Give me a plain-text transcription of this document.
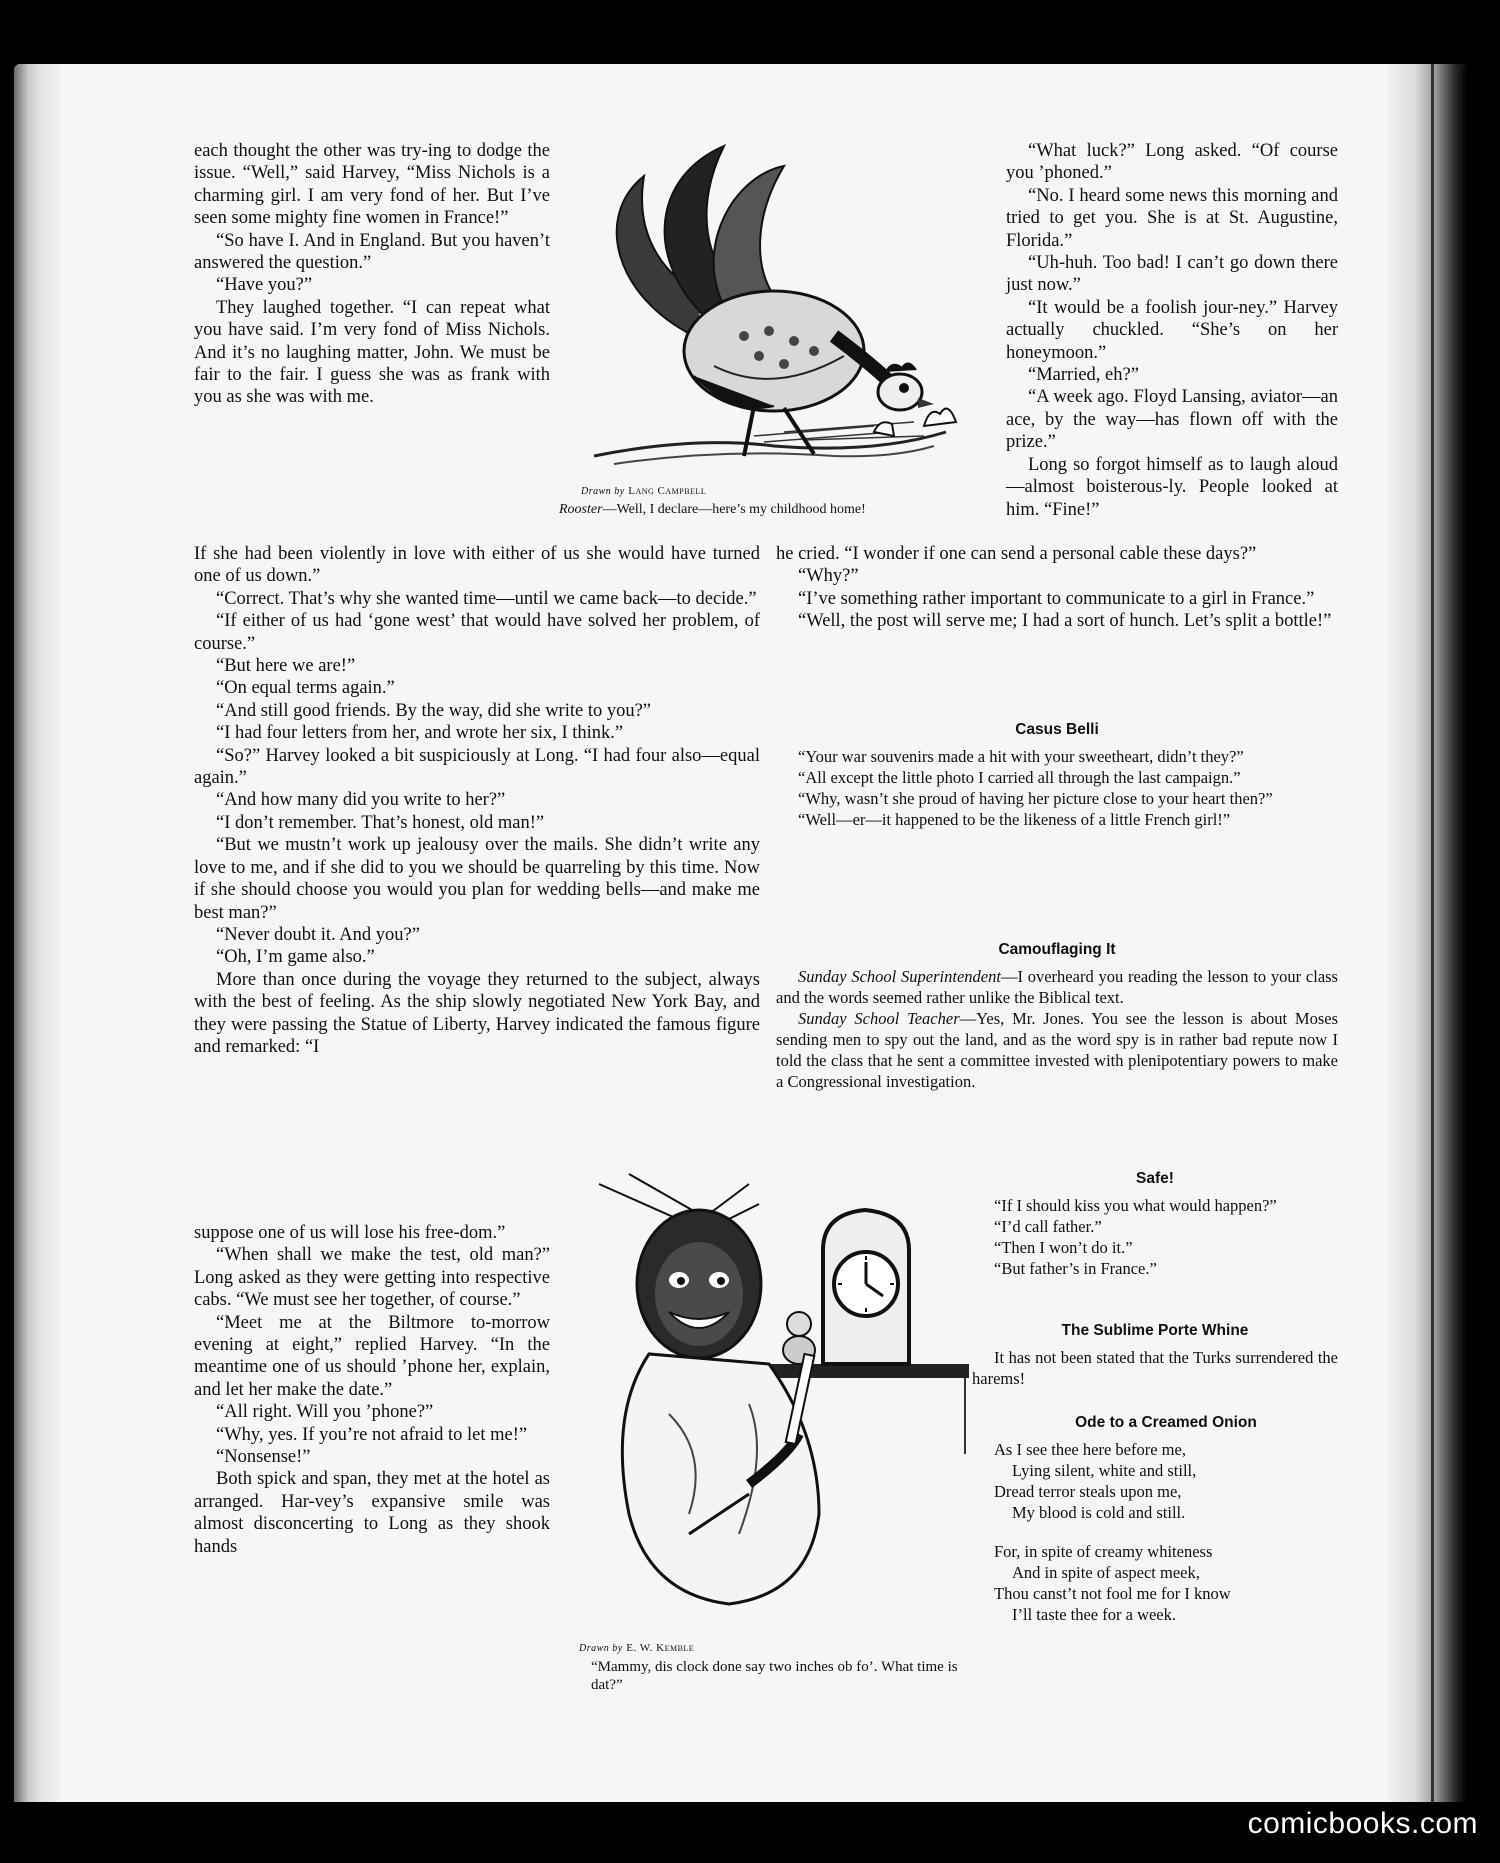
each thought the other was try-ing to dodge the issue. “Well,” said Harvey, “Miss Nichols is a charming girl. I am very fond of her. But I’ve seen some mighty fine women in France!”

“So have I. And in England. But you haven’t answered the question.”

“Have you?”

They laughed together. “I can repeat what you have said. I’m very fond of Miss Nichols. And it’s no laughing matter, John. We must be fair to the fair. I guess she was as frank with you as she was with me.

Drawn by Lang Campbell
Rooster—Well, I declare—here’s my childhood home!

“What luck?” Long asked. “Of course you ’phoned.”

“No. I heard some news this morning and tried to get you. She is at St. Augustine, Florida.”

“Uh-huh. Too bad! I can’t go down there just now.”

“It would be a foolish jour-ney.” Harvey actually chuckled. “She’s on her honeymoon.”

“Married, eh?”

“A week ago. Floyd Lansing, aviator—an ace, by the way—has flown off with the prize.”

Long so forgot himself as to laugh aloud—almost boisterous-ly. People looked at him. “Fine!”

If she had been violently in love with either of us she would have turned one of us down.”

“Correct. That’s why she wanted time—until we came back—to decide.”

“If either of us had ‘gone west’ that would have solved her problem, of course.”

“But here we are!”

“On equal terms again.”

“And still good friends. By the way, did she write to you?”

“I had four letters from her, and wrote her six, I think.”

“So?” Harvey looked a bit suspiciously at Long. “I had four also—equal again.”

“And how many did you write to her?”

“I don’t remember. That’s honest, old man!”

“But we mustn’t work up jealousy over the mails. She didn’t write any love to me, and if she did to you we should be quarreling by this time. Now if she should choose you would you plan for wedding bells—and make me best man?”

“Never doubt it. And you?”

“Oh, I’m game also.”

More than once during the voyage they returned to the subject, always with the best of feeling. As the ship slowly negotiated New York Bay, and they were passing the Statue of Liberty, Harvey indicated the famous figure and remarked: “I

suppose one of us will lose his free-dom.”

“When shall we make the test, old man?” Long asked as they were getting into respective cabs. “We must see her together, of course.”

“Meet me at the Biltmore to-morrow evening at eight,” replied Harvey. “In the meantime one of us should ’phone her, explain, and let her make the date.”

“All right. Will you ’phone?”

“Why, yes. If you’re not afraid to let me!”

“Nonsense!”

Both spick and span, they met at the hotel as arranged. Har-vey’s expansive smile was almost disconcerting to Long as they shook hands

he cried. “I wonder if one can send a personal cable these days?”

“Why?”

“I’ve something rather important to communicate to a girl in France.”

“Well, the post will serve me; I had a sort of hunch. Let’s split a bottle!”

Casus Belli

“Your war souvenirs made a hit with your sweetheart, didn’t they?”

“All except the little photo I carried all through the last campaign.”

“Why, wasn’t she proud of having her picture close to your heart then?”

“Well—er—it happened to be the likeness of a little French girl!”

Camouflaging It

Sunday School Superintendent—I overheard you reading the lesson to your class and the words seemed rather unlike the Biblical text.

Sunday School Teacher—Yes, Mr. Jones. You see the lesson is about Moses sending men to spy out the land, and as the word spy is in rather bad repute now I told the class that he sent a committee invested with plenipotentiary powers to make a Congressional investigation.

Drawn by E. W. Kemble
“Mammy, dis clock done say two inches ob fo’. What time is dat?”
Safe!

“If I should kiss you what would happen?”

“I’d call father.”

“Then I won’t do it.”

“But father’s in France.”

The Sublime Porte Whine

It has not been stated that the Turks surrendered the harems!

Ode to a Creamed Onion

As I see thee here before me,

Lying silent, white and still,

Dread terror steals upon me,

My blood is cold and still.

For, in spite of creamy whiteness

And in spite of aspect meek,

Thou canst’t not fool me for I know

I’ll taste thee for a week.

comicbooks.com
